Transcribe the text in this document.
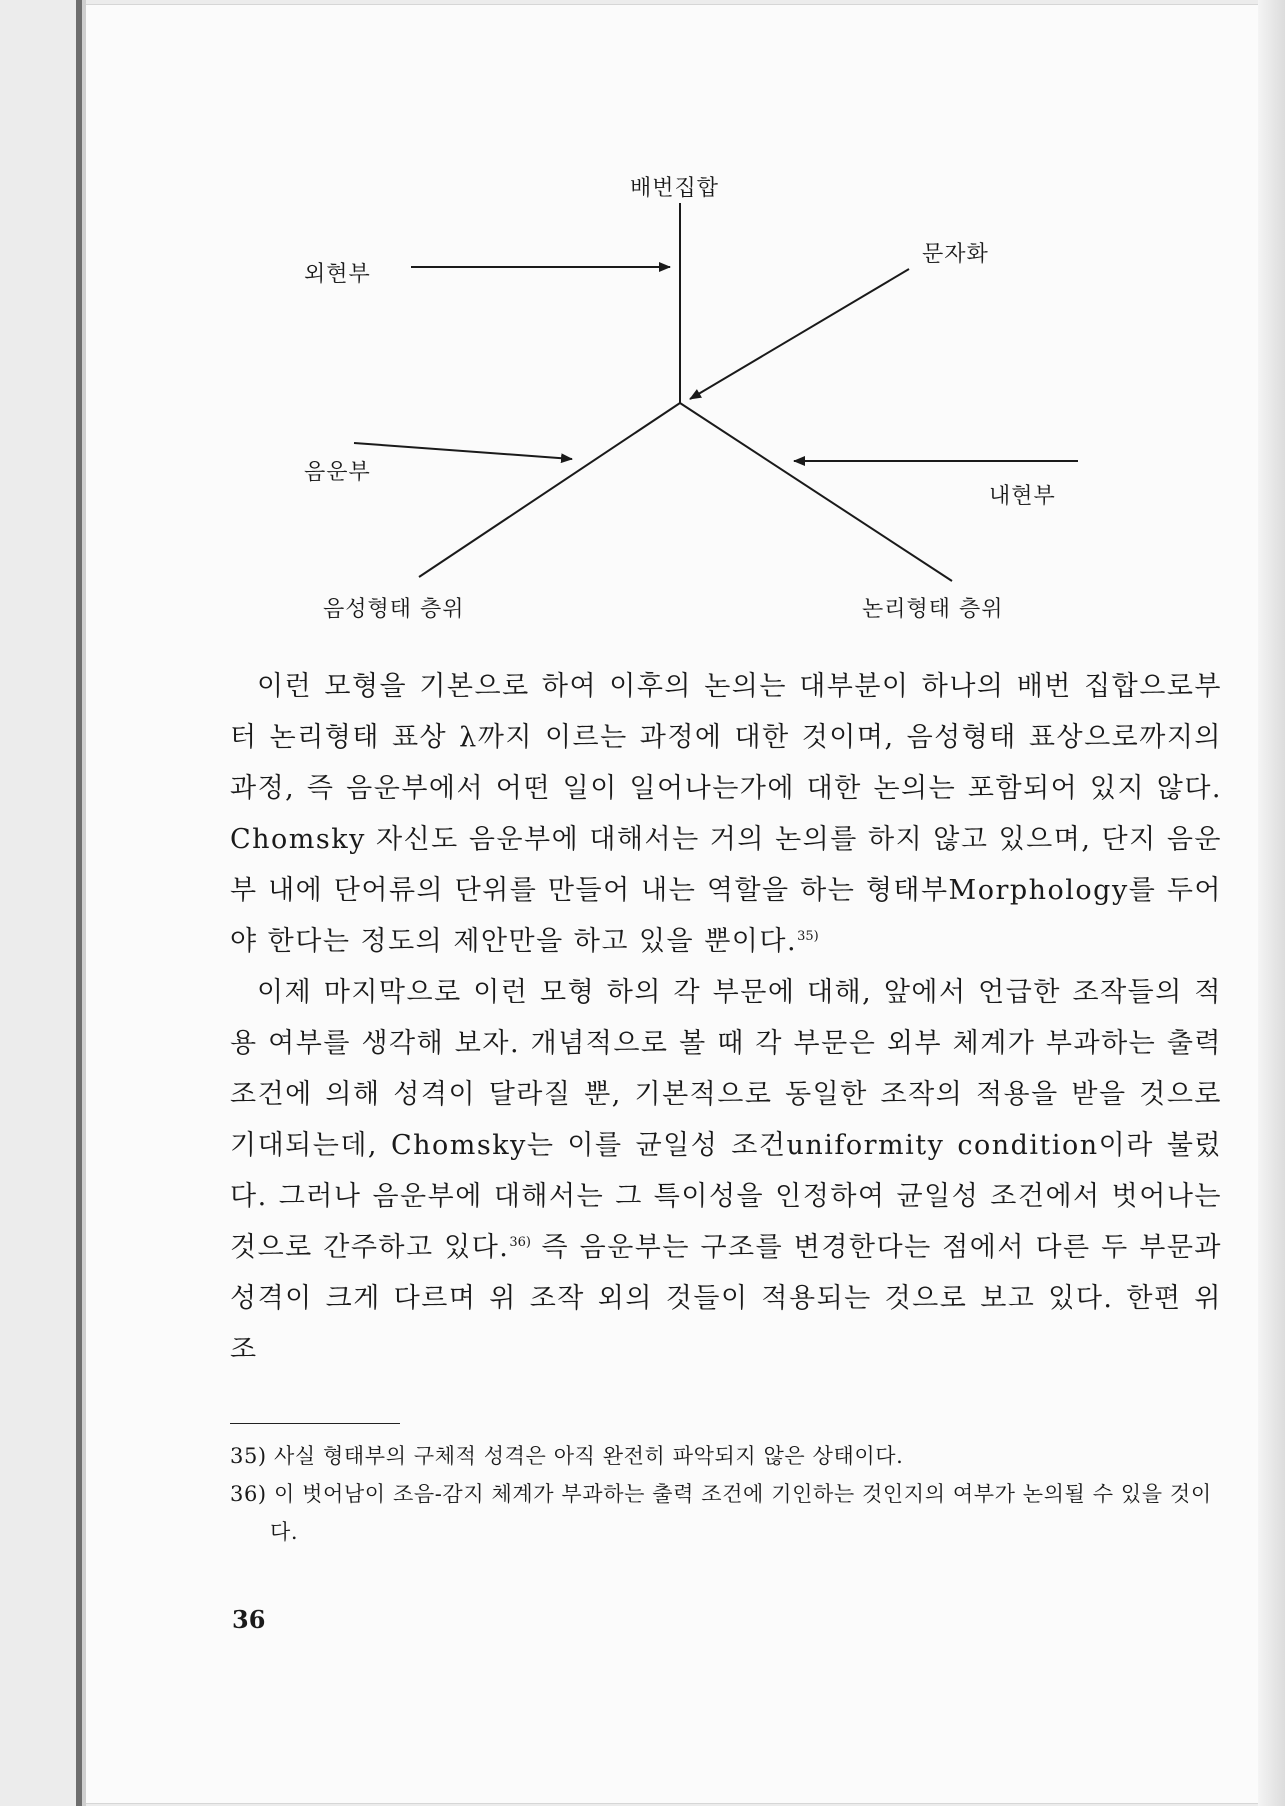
배번집합
외현부
문자화
음운부
내현부
음성형태 층위	논리형태 층위

이런 모형을 기본으로 하여 이후의 논의는 대부분이 하나의 배번 집합으로부터 논리형태 표상 λ까지 이르는 과정에 대한 것이며, 음성형태 표상으로까지의 과정, 즉 음운부에서 어떤 일이 일어나는가에 대한 논의는 포함되어 있지 않다. Chomsky 자신도 음운부에 대해서는 거의 논의를 하지 않고 있으며, 단지 음운부 내에 단어류의 단위를 만들어 내는 역할을 하는 형태부Morphology를 두어야 한다는 정도의 제안만을 하고 있을 뿐이다.$^{35)}$

이제 마지막으로 이런 모형 하의 각 부문에 대해, 앞에서 언급한 조작들의 적용 여부를 생각해 보자. 개념적으로 볼 때 각 부문은 외부 체계가 부과하는 출력 조건에 의해 성격이 달라질 뿐, 기본적으로 동일한 조작의 적용을 받을 것으로 기대되는데, Chomsky는 이를 균일성 조건uniformity condition이라 불렀다. 그러나 음운부에 대해서는 그 특이성을 인정하여 균일성 조건에서 벗어나는 것으로 간주하고 있다.$^{36)}$ 즉 음운부는 구조를 변경한다는 점에서 다른 두 부문과 성격이 크게 다르며 위 조작 외의 것들이 적용되는 것으로 보고 있다. 한편 위 조

35) 사실 형태부의 구체적 성격은 아직 완전히 파악되지 않은 상태이다.
36) 이 벗어남이 조음-감지 체계가 부과하는 출력 조건에 기인하는 것인지의 여부가 논의될 수 있을 것이다.
36
